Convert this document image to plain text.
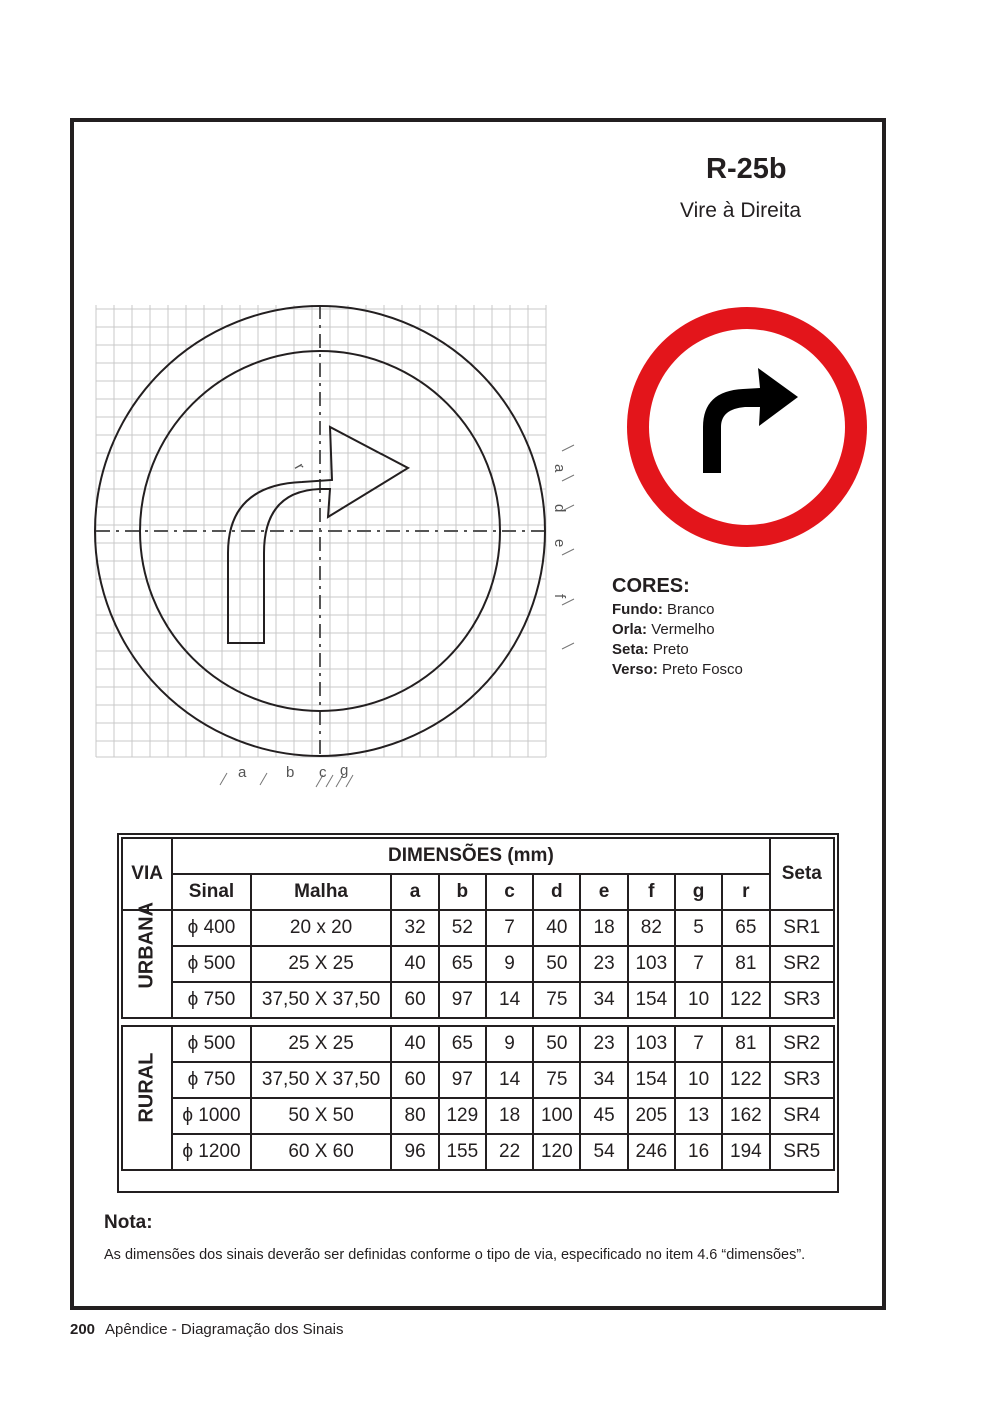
R-25b
Vire à Direita
a	b c g
a
d
e
f
r
CORES:
Fundo: Branco
Orla: Vermelho
Seta: Preto
Verso: Preto Fosco
VIA	DIMENSÕES (mm)										Seta
	Sinal	Malha	a	b	c	d	e	f	g	r	

URBANA	ϕ 400	20 x 20	32	52	7	40	18	82	5	65	SR1
	ϕ 500	25 X 25	40	65	9	50	23	103	7	81	SR2
	ϕ 750	37,50 X 37,50	60	97	14	75	34	154	10	122	SR3

RURAL	ϕ 500	25 X 25	40	65	9	50	23	103	7	81	SR2
	ϕ 750	37,50 X 37,50	60	97	14	75	34	154	10	122	SR3
	ϕ 1000	50 X 50	80	129	18	100	45	205	13	162	SR4
	ϕ 1200	60 X 60	96	155	22	120	54	246	16	194	SR5
Nota:
As dimensões dos sinais deverão ser definidas conforme o tipo de via, especificado no item 4.6 “dimensões”.
200 Apêndice - Diagramação dos Sinais
